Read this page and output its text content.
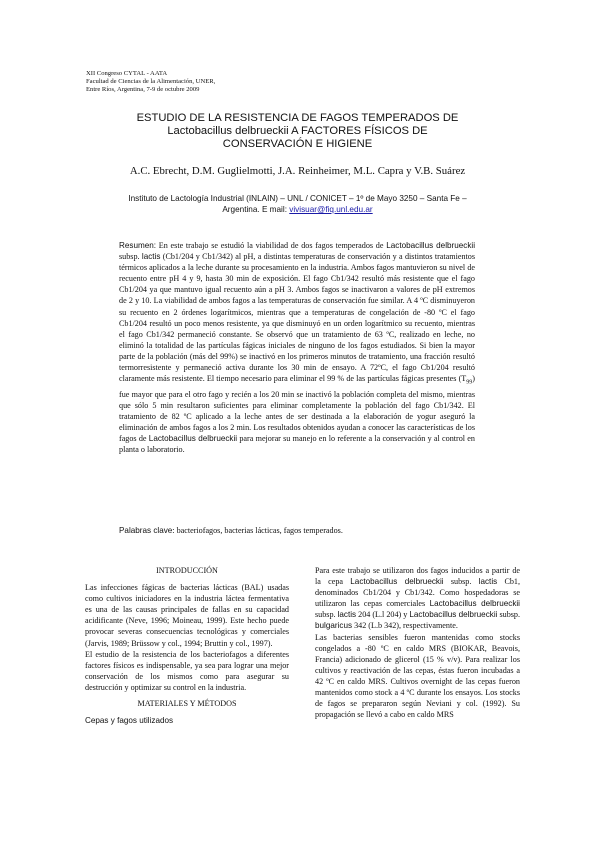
XII Congreso CYTAL - AATA
Facultad de Ciencias de la Alimentación, UNER,
Entre Ríos, Argentina, 7-9 de octubre 2009
ESTUDIO DE LA RESISTENCIA DE FAGOS TEMPERADOS DE
Lactobacillus delbrueckii A FACTORES FÍSICOS DE
CONSERVACIÓN E HIGIENE
A.C. Ebrecht, D.M. Guglielmotti, J.A. Reinheimer, M.L. Capra y V.B. Suárez
Instituto de Lactología Industrial (INLAIN) – UNL / CONICET – 1º de Mayo 3250 – Santa Fe –
Argentina. E mail: vivisuar@fiq.unl.edu.ar
Resumen: En este trabajo se estudió la viabilidad de dos fagos temperados de Lactobacillus delbrueckii subsp. lactis (Cb1/204 y Cb1/342) al pH, a distintas temperaturas de conservación y a distintos tratamientos térmicos aplicados a la leche durante su procesamiento en la industria. Ambos fagos mantuvieron su nivel de recuento entre pH 4 y 9, hasta 30 min de exposición. El fago Cb1/342 resultó más resistente que el fago Cb1/204 ya que mantuvo igual recuento aún a pH 3. Ambos fagos se inactivaron a valores de pH extremos de 2 y 10. La viabilidad de ambos fagos a las temperaturas de conservación fue similar. A 4 ºC disminuyeron su recuento en 2 órdenes logarítmicos, mientras que a temperaturas de congelación de -80 ºC el fago Cb1/204 resultó un poco menos resistente, ya que disminuyó en un orden logarítmico su recuento, mientras el fago Cb1/342 permaneció constante. Se observó que un tratamiento de 63 ºC, realizado en leche, no eliminó la totalidad de las partículas fágicas iniciales de ninguno de los fagos estudiados. Si bien la mayor parte de la población (más del 99%) se inactivó en los primeros minutos de tratamiento, una fracción resultó termorresistente y permaneció activa durante los 30 min de ensayo. A 72ºC, el fago Cb1/204 resultó claramente más resistente. El tiempo necesario para eliminar el 99 % de las partículas fágicas presentes $(T_{99})$ fue mayor que para el otro fago y recién a los 20 min se inactivó la población completa del mismo, mientras que sólo 5 min resultaron suficientes para eliminar completamente la población del fago Cb1/342. El tratamiento de 82 ºC aplicado a la leche antes de ser destinada a la elaboración de yogur aseguró la eliminación de ambos fagos a los 2 min. Los resultados obtenidos ayudan a conocer las características de los fagos de Lactobacillus delbrueckii para mejorar su manejo en lo referente a la conservación y al control en planta o laboratorio.
Palabras clave: bacteriofagos, bacterias lácticas, fagos temperados.
INTRODUCCIÓN

Las infecciones fágicas de bacterias lácticas (BAL) usadas como cultivos iniciadores en la industria láctea fermentativa es una de las causas principales de fallas en su capacidad acidificante (Neve, 1996; Moineau, 1999). Este hecho puede provocar severas consecuencias tecnológicas y comerciales (Jarvis, 1989; Brüssow y col., 1994; Bruttin y col., 1997).

El estudio de la resistencia de los bacteriofagos a diferentes factores físicos es indispensable, ya sea para lograr una mejor conservación de los mismos como para asegurar su destrucción y optimizar su control en la industria.

MATERIALES Y MÉTODOS
Cepas y fagos utilizados

Para este trabajo se utilizaron dos fagos inducidos a partir de la cepa Lactobacillus delbrueckii subsp. lactis Cb1, denominados Cb1/204 y Cb1/342. Como hospedadoras se utilizaron las cepas comerciales Lactobacillus delbrueckii subsp. lactis 204 (L.l 204) y Lactobacillus delbrueckii subsp. bulgaricus 342 (L.b 342), respectivamente.

Las bacterias sensibles fueron mantenidas como stocks congelados a -80 ºC en caldo MRS (BIOKAR, Beavois, Francia) adicionado de glicerol (15 % v/v). Para realizar los cultivos y reactivación de las cepas, éstas fueron incubadas a 42 ºC en caldo MRS. Cultivos overnight de las cepas fueron mantenidos como stock a 4 ºC durante los ensayos. Los stocks de fagos se prepararon según Neviani y col. (1992). Su propagación se llevó a cabo en caldo MRS
